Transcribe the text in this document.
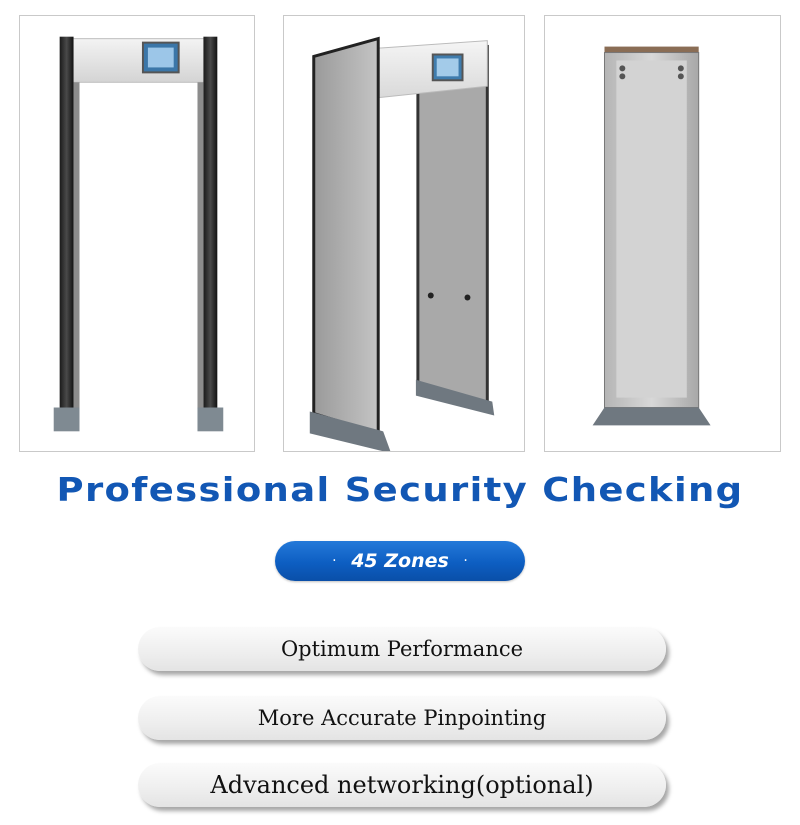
Professional Security Checking
· 45 Zones ·
Optimum Performance
More Accurate Pinpointing
Advanced networking(optional)
